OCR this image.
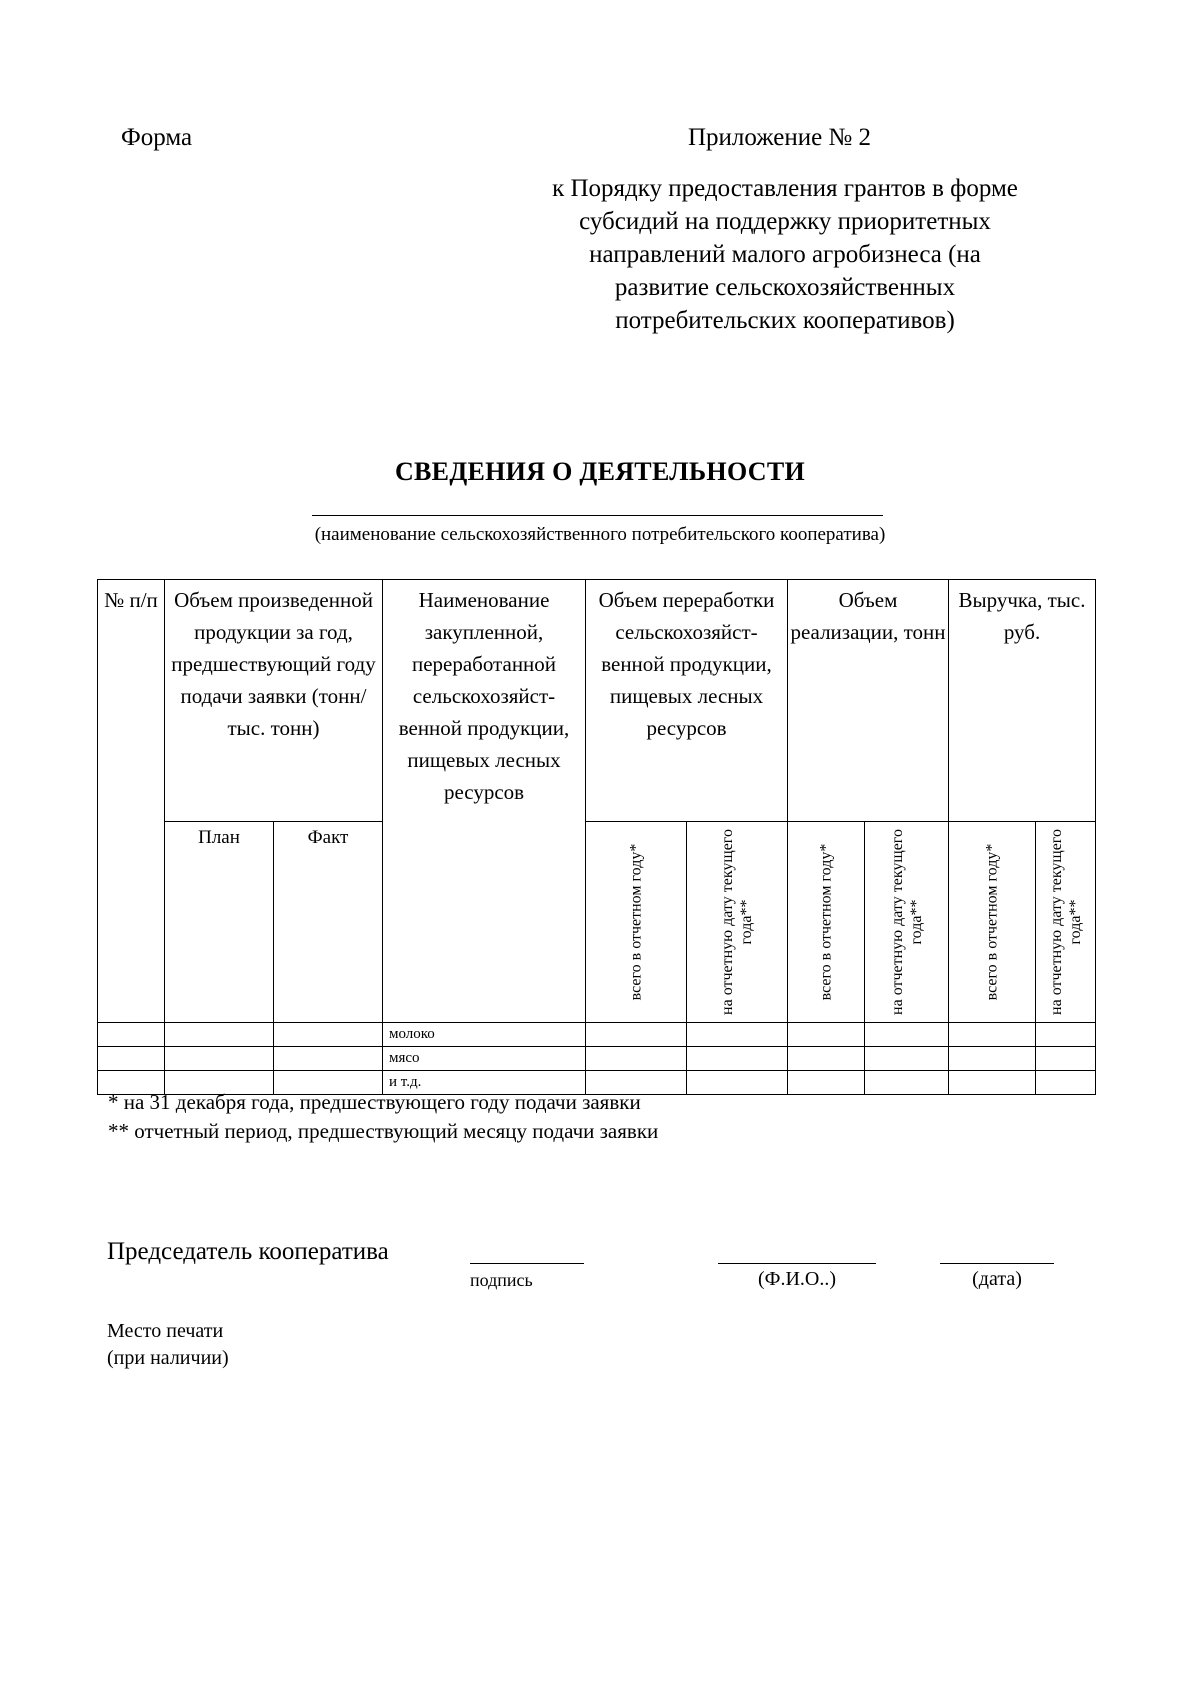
Форма	Приложение № 2
к Порядку предоставления грантов в форме
субсидий на поддержку приоритетных
направлений малого агробизнеса (на
развитие сельскохозяйственных
потребительских кооперативов)
СВЕДЕНИЯ О ДЕЯТЕЛЬНОСТИ
(наименование сельскохозяйственного потребительского кооператива)
№ п/п	Объем произведенной продукции за год, предшествующий году подачи заявки (тонн/тыс. тонн)		Наименование закупленной, переработанной сельскохозяйст-венной продукции, пищевых лесных ресурсов	Объем переработки сельскохозяйст-венной продукции, пищевых лесных ресурсов		Объем реализации, тонн		Выручка, тыс. руб.	
	План	Факт		всего в отчетном году*	на отчетную дату текущего года**	всего в отчетном году*	на отчетную дату текущего года**	всего в отчетном году*	на отчетную дату текущего года**

			молоко						
			мясо						
			и т.д.						
* на 31 декабря года, предшествующего году подачи заявки
** отчетный период, предшествующий месяцу подачи заявки
Председатель кооператива
подпись	(Ф.И.О..)	(дата)
Место печати
(при наличии)
